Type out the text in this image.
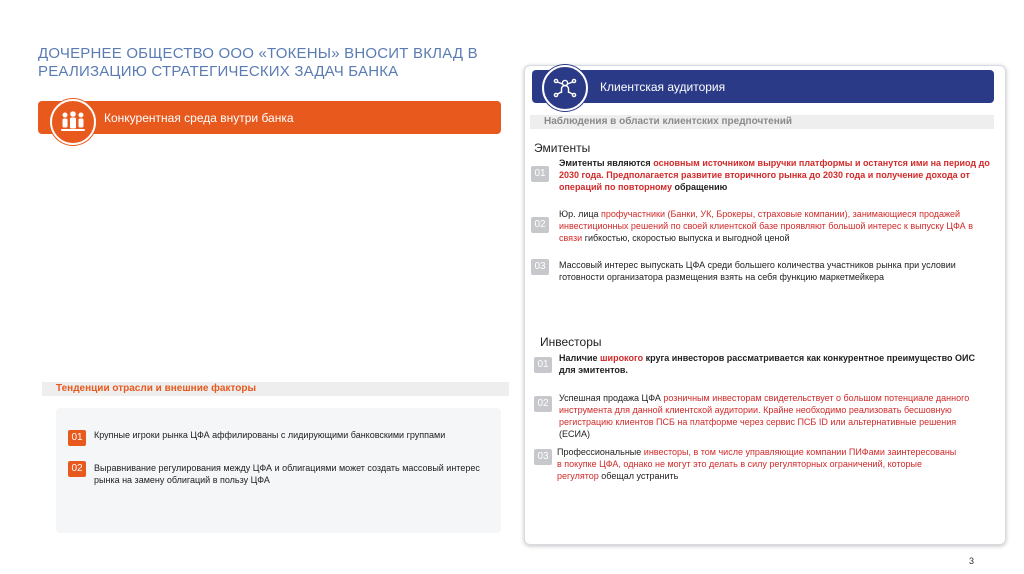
ДОЧЕРНЕЕ ОБЩЕСТВО ООО «ТОКЕНЫ» ВНОСИТ ВКЛАД В РЕАЛИЗАЦИЮ СТРАТЕГИЧЕСКИХ ЗАДАЧ БАНКА
Конкурентная среда внутри банка
Тенденции отрасли и внешние факторы
01	Крупные игроки рынка ЦФА аффилированы с лидирующими банковскими группами
02	Выравнивание регулирования между ЦФА и облигациями может создать массовый интерес рынка на замену облигаций в пользу ЦФА
Клиентская аудитория
Наблюдения в области клиентских предпочтений
Эмитенты
01
Эмитенты являются основным источником выручки платформы и останутся ими на период до 2030 года. Предполагается развитие вторичного рынка до 2030 года и получение дохода от операций по повторному обращению
02
Юр. лица профучастники (Банки, УК, Брокеры, страховые компании), занимающиеся продажей инвестиционных решений по своей клиентской базе проявляют большой интерес к выпуску ЦФА в связи гибкостью, скоростью выпуска и выгодной ценой
03	Массовый интерес выпускать ЦФА среди большего количества участников рынка при условии готовности организатора размещения взять на себя функцию маркетмейкера
Инвесторы
01
Наличие широкого круга инвесторов рассматривается как конкурентное преимущество ОИС для эмитентов.
02	Успешная продажа ЦФА розничным инвесторам свидетельствует о большом потенциале данного инструмента для данной клиентской аудитории. Крайне необходимо реализовать бесшовную регистрацию клиентов ПСБ на платформе через сервис ПСБ ID или альтернативные решения (ЕСИА)
03 Профессиональные инвесторы, в том числе управляющие компании ПИФами заинтересованы в покупке ЦФА, однако не могут это делать в силу регуляторных ограничений, которые регулятор обещал устранить
3
